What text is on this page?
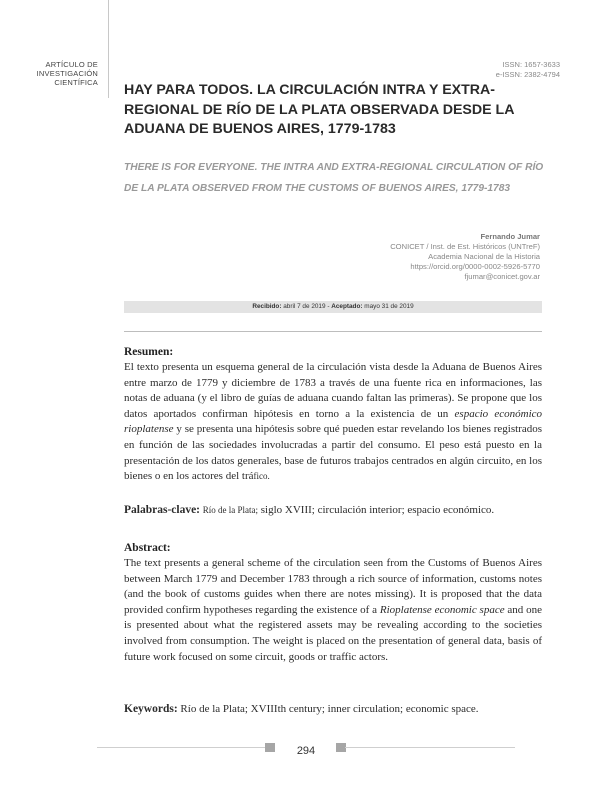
ARTÍCULO DE
INVESTIGACIÓN
CIENTÍFICA
ISSN: 1657-3633
e-ISSN: 2382-4794
HAY PARA TODOS. LA CIRCULACIÓN INTRA Y EXTRA-REGIONAL DE RÍO DE LA PLATA OBSERVADA DESDE LA ADUANA DE BUENOS AIRES, 1779-1783
THERE IS FOR EVERYONE. THE INTRA AND EXTRA-REGIONAL CIRCULATION OF RÍO DE LA PLATA OBSERVED FROM THE CUSTOMS OF BUENOS AIRES, 1779-1783
Fernando Jumar
CONICET / Inst. de Est. Históricos (UNTreF)
Academia Nacional de la Historia
https://orcid.org/0000-0002-5926-5770
fjumar@conicet.gov.ar
Recibido: abril 7 de 2019 - Aceptado: mayo 31 de 2019
Resumen:

El texto presenta un esquema general de la circulación vista desde la Aduana de Buenos Aires entre marzo de 1779 y diciembre de 1783 a través de una fuente rica en informaciones, las notas de aduana (y el libro de guías de aduana cuando faltan las primeras). Se propone que los datos aportados confirman hipótesis en torno a la existencia de un espacio económico rioplatense y se presenta una hipótesis sobre qué pueden estar revelando los bienes registrados en función de las sociedades involucradas a partir del consumo. El peso está puesto en la presentación de los datos generales, base de futuros trabajos centrados en algún circuito, en los bienes o en los actores del tráfico.

Palabras-clave: Río de la Plata; siglo XVIII; circulación interior; espacio económico.
Abstract:

The text presents a general scheme of the circulation seen from the Customs of Buenos Aires between March 1779 and December 1783 through a rich source of information, customs notes (and the book of customs guides when there are notes missing). It is proposed that the data provided confirm hypotheses regarding the existence of a Rioplatense economic space and one is presented about what the registered assets may be revealing according to the societies involved from consumption. The weight is placed on the presentation of general data, basis of future work focused on some circuit, goods or traffic actors.

Keywords: Río de la Plata; XVIIIth century; inner circulation; economic space.
294
